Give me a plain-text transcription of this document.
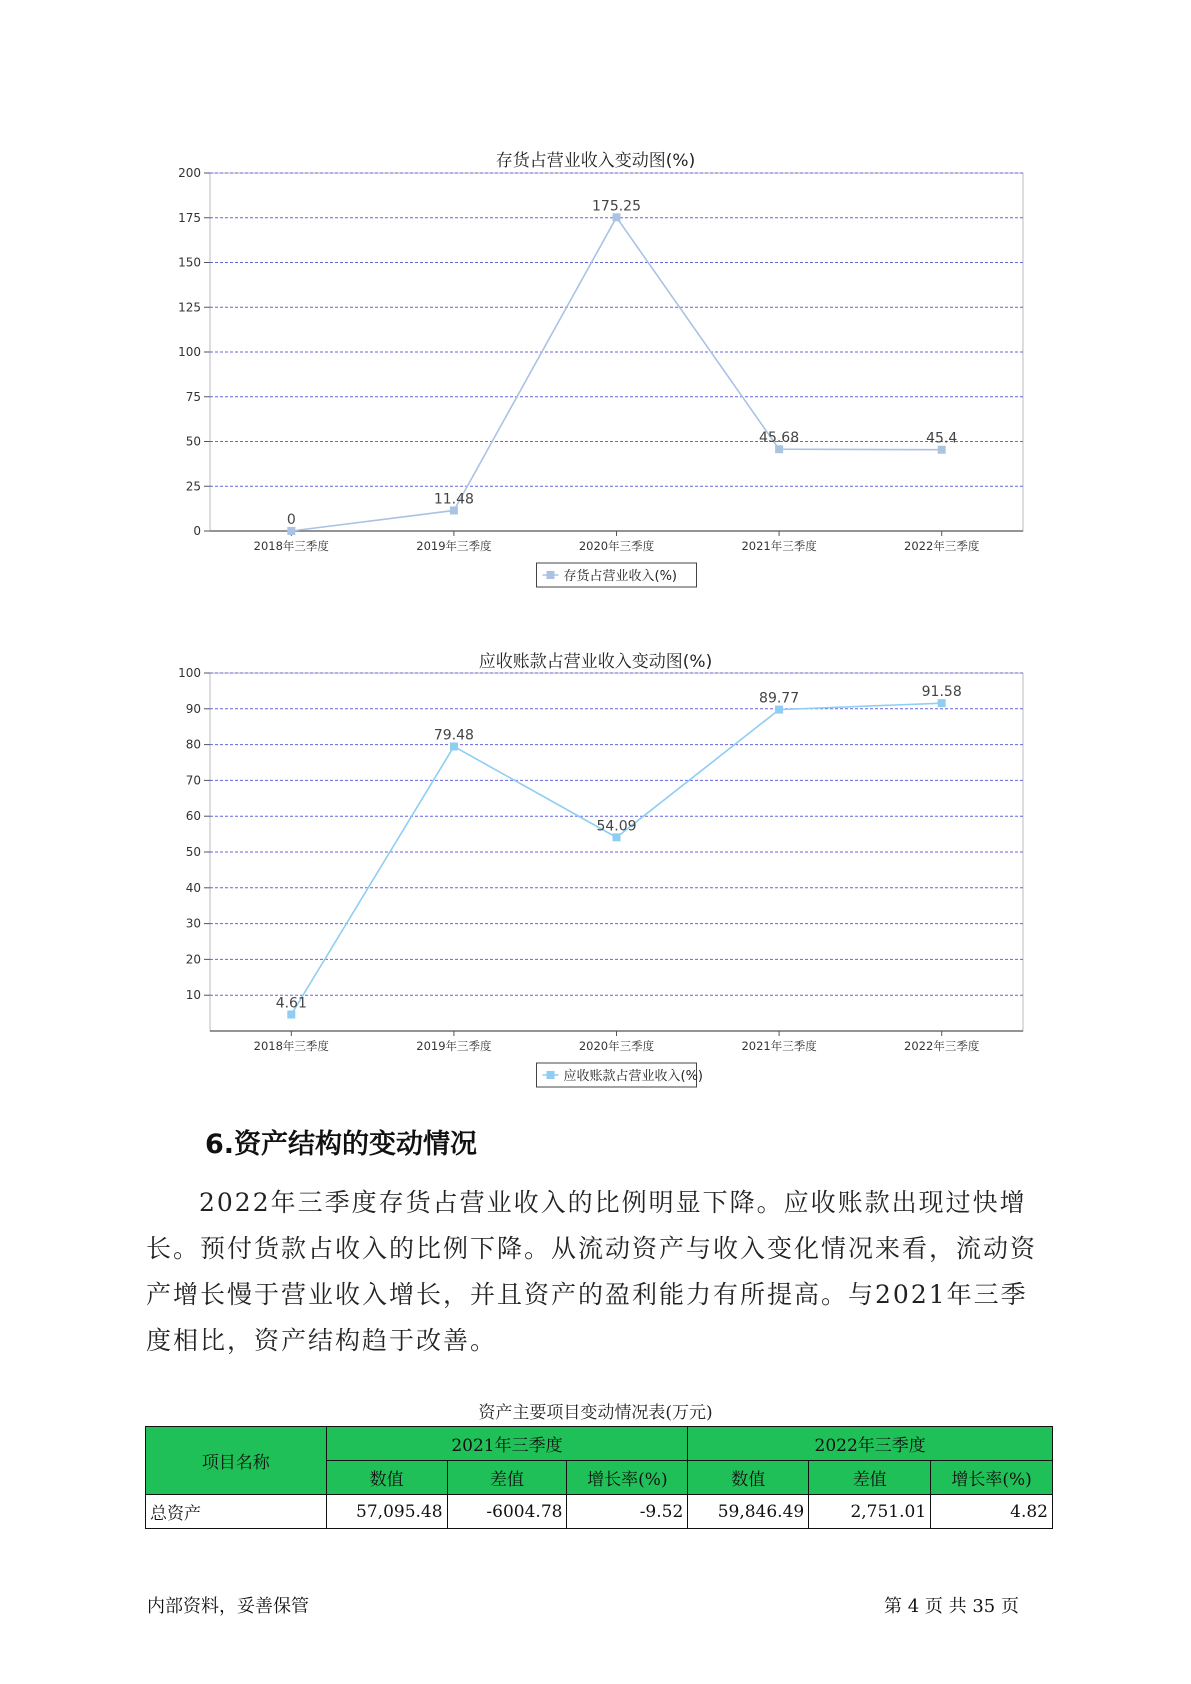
存货占营业收入变动图(%)
0
25
50
75
100
125
150
175
200
2018年三季度	2019年三季度	2020年三季度	2021年三季度	2022年三季度
0
11.48
175.25
45.68	45.4
存货占营业收入(%)
应收账款占营业收入变动图(%)
10
20
30
40
50
60
70
80
90
100
2018年三季度	2019年三季度	2020年三季度	2021年三季度	2022年三季度
4.61
79.48
54.09
89.77	91.58
应收账款占营业收入(%)
6.资产结构的变动情况
2022年三季度存货占营业收入的比例明显下降。应收账款出现过快增长。预付货款占收入的比例下降。从流动资产与收入变化情况来看，流动资产增长慢于营业收入增长，并且资产的盈利能力有所提高。与2021年三季度相比，资产结构趋于改善。
资产主要项目变动情况表(万元)
项目名称	2021年三季度			2022年三季度		
	数值	差值	增长率(%)	数值	差值	增长率(%)
总资产	57,095.48	-6004.78	-9.52	59,846.49	2,751.01	4.82
内部资料，妥善保管	第 4 页 共 35 页
